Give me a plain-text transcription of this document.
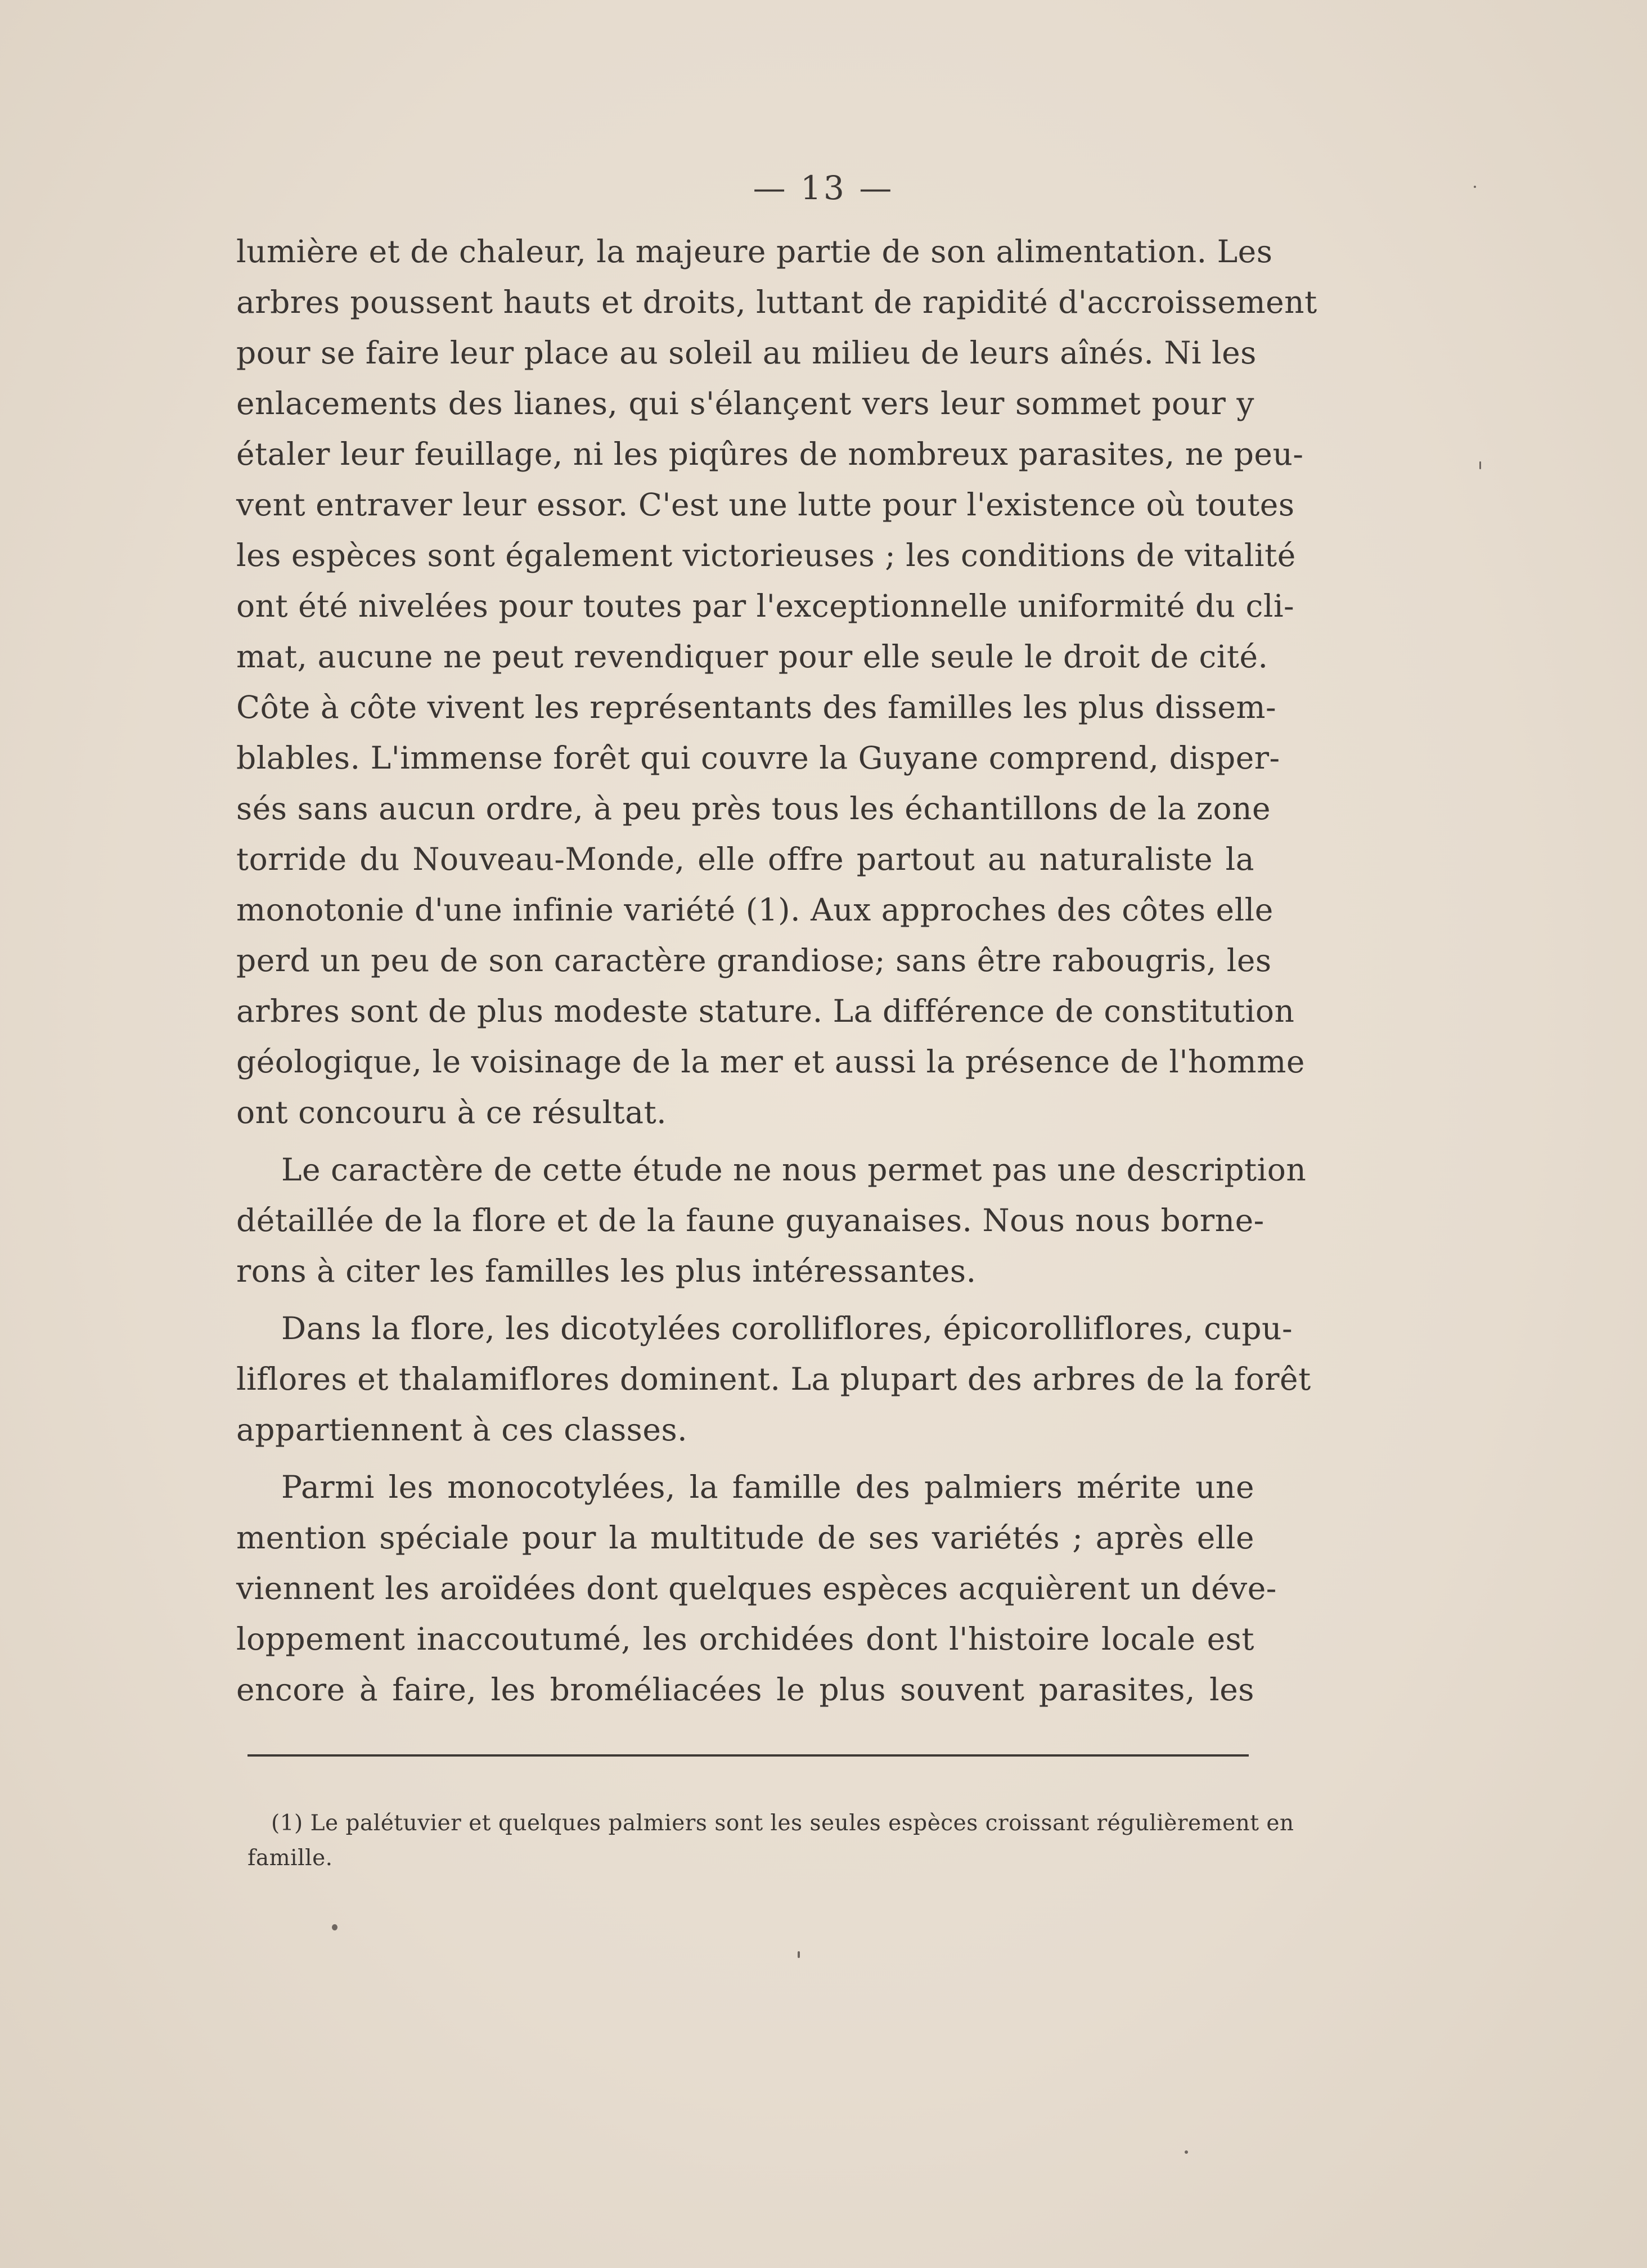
— 13 —
lumière et de chaleur, la majeure partie de son alimentation. Les
arbres poussent hauts et droits, luttant de rapidité d'accroissement
pour se faire leur place au soleil au milieu de leurs aînés. Ni les
enlacements des lianes, qui s'élançent vers leur sommet pour y
étaler leur feuillage, ni les piqûres de nombreux parasites, ne peu-
vent entraver leur essor. C'est une lutte pour l'existence où toutes
les espèces sont également victorieuses ; les conditions de vitalité
ont été nivelées pour toutes par l'exceptionnelle uniformité du cli-
mat, aucune ne peut revendiquer pour elle seule le droit de cité.
Côte à côte vivent les représentants des familles les plus dissem-
blables. L'immense forêt qui couvre la Guyane comprend, disper-
sés sans aucun ordre, à peu près tous les échantillons de la zone
torride du Nouveau-Monde, elle offre partout au naturaliste la
monotonie d'une infinie variété (1). Aux approches des côtes elle
perd un peu de son caractère grandiose; sans être rabougris, les
arbres sont de plus modeste stature. La différence de constitution
géologique, le voisinage de la mer et aussi la présence de l'homme
ont concouru à ce résultat.
Le caractère de cette étude ne nous permet pas une description
détaillée de la flore et de la faune guyanaises. Nous nous borne-
rons à citer les familles les plus intéressantes.
Dans la flore, les dicotylées corolliflores, épicorolliflores, cupu-
liflores et thalamiflores dominent. La plupart des arbres de la forêt
appartiennent à ces classes.
Parmi les monocotylées, la famille des palmiers mérite une
mention spéciale pour la multitude de ses variétés ; après elle
viennent les aroïdées dont quelques espèces acquièrent un déve-
loppement inaccoutumé, les orchidées dont l'histoire locale est
encore à faire, les broméliacées le plus souvent parasites, les
(1) Le palétuvier et quelques palmiers sont les seules espèces croissant régulièrement en
famille.
